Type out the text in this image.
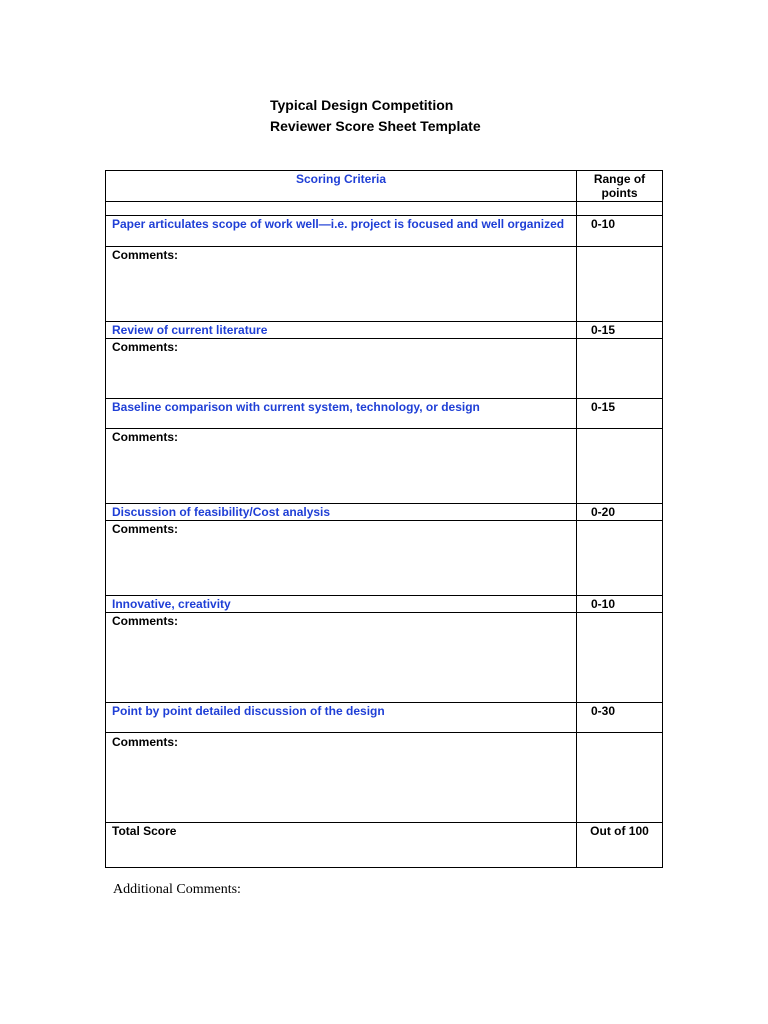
Typical Design Competition
Reviewer Score Sheet Template
Scoring Criteria	Range of points

Paper articulates scope of work well—i.e. project is focused and well organized	0-10
Comments:	
Review of current literature	0-15
Comments:	
Baseline comparison with current system, technology, or design	0-15
Comments:	
Discussion of feasibility/Cost analysis	0-20
Comments:	
Innovative, creativity	0-10
Comments:	
Point by point detailed discussion of the design	0-30
Comments:	
Total Score	Out of 100
Additional Comments:
